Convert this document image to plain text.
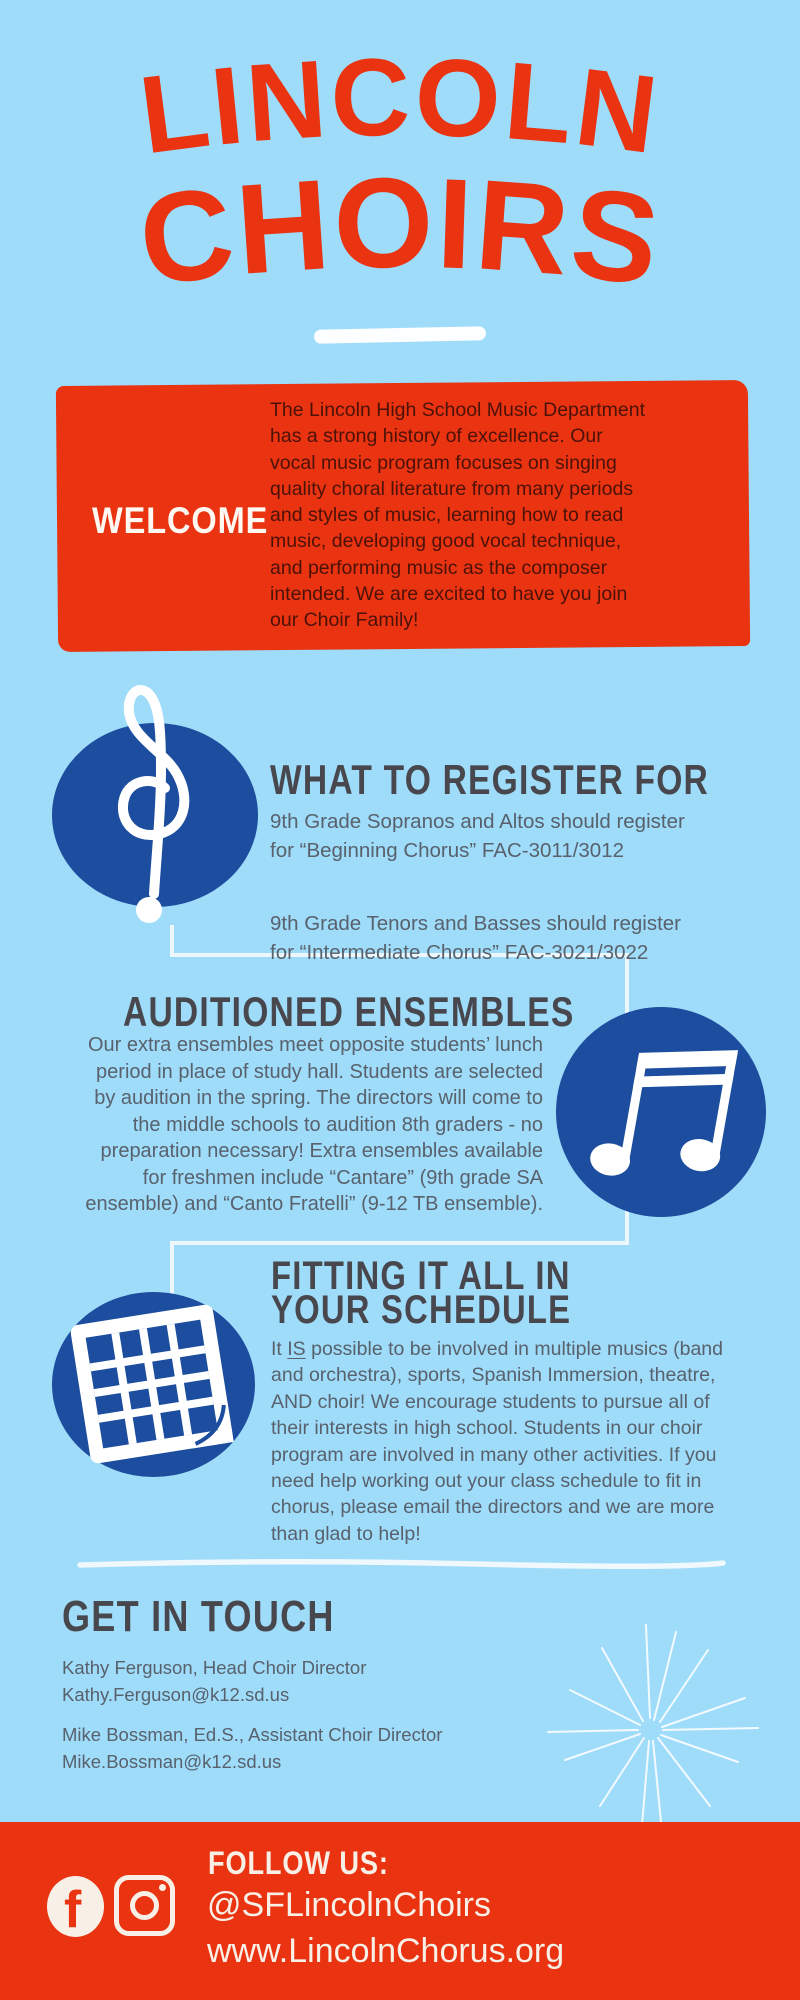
LINCOLN
CHOIRS
WELCOME
The Lincoln High School Music Department
has a strong history of excellence. Our
vocal music program focuses on singing
quality choral literature from many periods
and styles of music, learning how to read
music, developing good vocal technique,
and performing music as the composer
intended. We are excited to have you join
our Choir Family!
WHAT TO REGISTER FOR
9th Grade Sopranos and Altos should register
for “Beginning Chorus” FAC-3011/3012
9th Grade Tenors and Basses should register
for “Intermediate Chorus” FAC-3021/3022
AUDITIONED ENSEMBLES
Our extra ensembles meet opposite students’ lunch
period in place of study hall. Students are selected
by audition in the spring. The directors will come to
the middle schools to audition 8th graders - no
preparation necessary! Extra ensembles available
for freshmen include “Cantare” (9th grade SA
ensemble) and “Canto Fratelli” (9-12 TB ensemble).
FITTING IT ALL IN
YOUR SCHEDULE
It IS possible to be involved in multiple musics (band
and orchestra), sports, Spanish Immersion, theatre,
AND choir! We encourage students to pursue all of
their interests in high school. Students in our choir
program are involved in many other activities. If you
need help working out your class schedule to fit in
chorus, please email the directors and we are more
than glad to help!
GET IN TOUCH
Kathy Ferguson, Head Choir Director
Kathy.Ferguson@k12.sd.us
Mike Bossman, Ed.S., Assistant Choir Director
Mike.Bossman@k12.sd.us
f
FOLLOW US:
@SFLincolnChoirs
www.LincolnChorus.org
